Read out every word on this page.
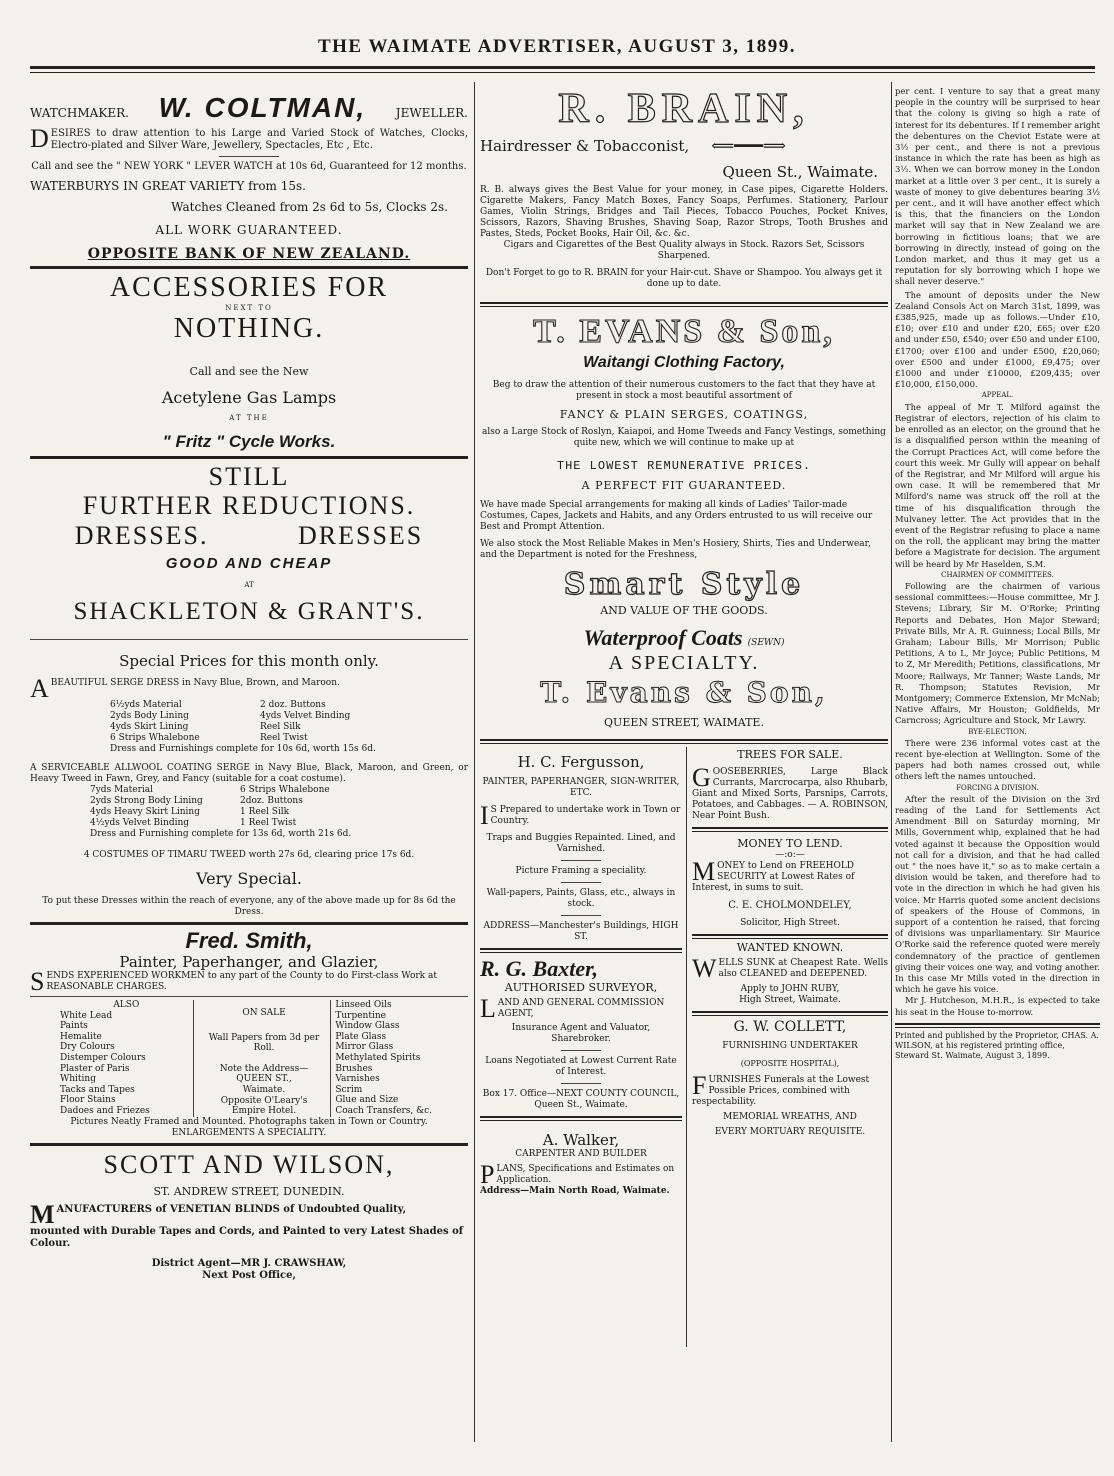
THE WAIMATE ADVERTISER, AUGUST 3, 1899.
WATCHMAKER. W. COLTMAN, JEWELLER.

DESIRES to draw attention to his Large and Varied Stock of Watches, Clocks, Electro-plated and Silver Ware, Jewellery, Spectacles, Etc , Etc.

Call and see the " NEW YORK " LEVER WATCH at 10s 6d, Guaranteed for 12 months.

WATERBURYS IN GREAT VARIETY from 15s.

Watches Cleaned from 2s 6d to 5s, Clocks 2s.

ALL WORK GUARANTEED.

OPPOSITE BANK OF NEW ZEALAND.

ACCESSORIES FOR

NEXT TO

NOTHING.

Call and see the New

Acetylene Gas Lamps

AT THE

" Fritz " Cycle Works.

STILL

FURTHER REDUCTIONS.

DRESSES.	DRESSES

GOOD AND CHEAP

AT

SHACKLETON & GRANT'S.

Special Prices for this month only.

ABEAUTIFUL SERGE DRESS in Navy Blue, Brown, and Maroon.

6½yds Material
2yds Body Lining
4yds Skirt Lining
6 Strips Whalebone
2 doz. Buttons
4yds Velvet Binding
Reel Silk
Reel Twist

Dress and Furnishings complete for 10s 6d, worth 15s 6d.

A SERVICEABLE ALLWOOL COATING SERGE in Navy Blue, Black, Maroon, and Green, or Heavy Tweed in Fawn, Grey, and Fancy (suitable for a coat costume).

7yds Material
2yds Strong Body Lining
4yds Heavy Skirt Lining
4½yds Velvet Binding
6 Strips Whalebone
2doz. Buttons
1 Reel Silk
1 Reel Twist

Dress and Furnishing complete for 13s 6d, worth 21s 6d.

4 COSTUMES OF TIMARU TWEED worth 27s 6d, clearing price 17s 6d.

Very Special.

To put these Dresses within the reach of everyone, any of the above made up for 8s 6d the Dress.

Fred. Smith,

Painter, Paperhanger, and Glazier,

SENDS EXPERIENCED WORKMEN to any part of the County to do First-class Work at REASONABLE CHARGES.

ALSO
White Lead
Paints
Hemalite
Dry Colours
Distemper Colours
Plaster of Paris
Whiting
Tacks and Tapes
Floor Stains
Dadoes and Friezes
ON SALE
Wall Papers from 3d per Roll.
Note the Address—
QUEEN ST.,
Waimate.
Opposite O'Leary's
Empire Hotel.
Linseed Oils
Turpentine
Window Glass
Plate Glass
Mirror Glass
Methylated Spirits
Brushes
Varnishes
Scrim
Glue and Size
Coach Transfers, &c.

Pictures Neatly Framed and Mounted. Photographs taken in Town or Country.

ENLARGEMENTS A SPECIALITY.

SCOTT AND WILSON,

ST. ANDREW STREET, DUNEDIN.

MANUFACTURERS of VENETIAN BLINDS of Undoubted Quality,

mounted with Durable Tapes and Cords, and Painted to very Latest Shades of Colour.

District Agent—MR J. CRAWSHAW,

Next Post Office,

R. BRAIN,

Hairdresser & Tobacconist, ⟸━━━⟹

Queen St., Waimate.

R. B. always gives the Best Value for your money, in Case pipes, Cigarette Holders. Cigarette Makers, Fancy Match Boxes, Fancy Soaps, Perfumes. Stationery, Parlour Games, Violin Strings, Bridges and Tail Pieces, Tobacco Pouches, Pocket Knives, Scissors, Razors, Shaving Brushes, Shaving Soap, Razor Strops, Tooth Brushes and Pastes, Steds, Pocket Books, Hair Oil, &c. &c.

Cigars and Cigarettes of the Best Quality always in Stock. Razors Set, Scissors Sharpened.

Don't Forget to go to R. BRAIN for your Hair-cut. Shave or Shampoo. You always get it done up to date.

T. EVANS & Son,

Waitangi Clothing Factory,

Beg to draw the attention of their numerous customers to the fact that they have at present in stock a most beautiful assortment of

FANCY & PLAIN SERGES, COATINGS,

also a Large Stock of Roslyn, Kaiapoi, and Home Tweeds and Fancy Vestings, something quite new, which we will continue to make up at

THE LOWEST REMUNERATIVE PRICES.

A PERFECT FIT GUARANTEED.

We have made Special arrangements for making all kinds of Ladies' Tailor-made Costumes, Capes, Jackets and Habits, and any Orders entrusted to us will receive our Best and Prompt Attention.

We also stock the Most Reliable Makes in Men's Hosiery, Shirts, Ties and Underwear, and the Department is noted for the Freshness,

Smart Style

AND VALUE OF THE GOODS.

Waterproof Coats (SEWN)

A SPECIALTY.

T. Evans & Son,

QUEEN STREET, WAIMATE.

H. C. Fergusson,

PAINTER, PAPERHANGER, SIGN-WRITER, ETC.

I S Prepared to undertake work in Town or Country.

Traps and Buggies Repainted. Lined, and Varnished.

Picture Framing a speciality.

Wall-papers, Paints, Glass, etc., always in stock.

ADDRESS—Manchester's Buildings, HIGH ST.

R. G. Baxter,

AUTHORISED SURVEYOR,

LAND AND GENERAL COMMISSION AGENT,

Insurance Agent and Valuator,

Sharebroker.

Loans Negotiated at Lowest Current Rate of Interest.

Box 17. Office—NEXT COUNTY COUNCIL, Queen St., Waimate.

A. Walker,

CARPENTER AND BUILDER

PLANS, Specifications and Estimates on Application.

Address—Main North Road, Waimate.

TREES FOR SALE.

GOOSEBERRIES, Large Black Currants, Marcrocarpa, also Rhubarb, Giant and Mixed Sorts, Parsnips, Carrots, Potatoes, and Cabbages. — A. ROBINSON, Near Point Bush.

MONEY TO LEND.

—:o:—

MONEY to Lend on FREEHOLD SECURITY at Lowest Rates of Interest, in sums to suit.

C. E. CHOLMONDELEY,

Solicitor, High Street.

WANTED KNOWN.

WELLS SUNK at Cheapest Rate. Wells also CLEANED and DEEPENED.

Apply to JOHN RUBY,

High Street, Waimate.

G. W. COLLETT,

FURNISHING UNDERTAKER

(OPPOSITE HOSPITAL),

FURNISHES Funerals at the Lowest Possible Prices, combined with respectability.

MEMORIAL WREATHS, AND

EVERY MORTUARY REQUISITE.

per cent. I venture to say that a great many people in the country will be surprised to hear that the colony is giving so high a rate of interest for its debentures. If I remember aright the debentures on the Cheviot Estate were at 3½ per cent., and there is not a previous instance in which the rate has been as high as 3½. When we can borrow money in the London market at a little over 3 per cent., it is surely a waste of money to give debentures bearing 3½ per cent., and it will have another effect which is this, that the financiers on the London market will say that in New Zealand we are borrowing in fictitious loans; that we are borrowing in directly, instead of going on the London market, and thus it may get us a reputation for sly borrowing which I hope we shall never deserve."

The amount of deposits under the New Zealand Consols Act on March 31st, 1899, was £385,925, made up as follows.—Under £10, £10; over £10 and under £20, £65; over £20 and under £50, £540; over £50 and under £100, £1700; over £100 and under £500, £20,060; over £500 and under £1000, £9,475; over £1000 and under £10000, £209,435; over £10,000, £150,000.

APPEAL.

The appeal of Mr T. Milford against the Registrar of electors, rejection of his claim to be enrolled as an elector, on the ground that he is a disqualified person within the meaning of the Corrupt Practices Act, will come before the court this week. Mr Gully will appear on behalf of the Registrar, and Mr Milford will argue his own case. It will be remembered that Mr Milford's name was struck off the roll at the time of his disqualification through the Mulvaney letter. The Act provides that in the event of the Registrar refusing to place a name on the roll, the applicant may bring the matter before a Magistrate for decision. The argument will be heard by Mr Haselden, S.M.

CHAIRMEN OF COMMITTEES.

Following are the chairmen of various sessional committees:—House committee, Mr J. Stevens; Library, Sir M. O'Rorke; Printing Reports and Debates, Hon Major Steward; Private Bills, Mr A. R. Guinness; Local Bills, Mr Graham; Labour Bills, Mr Morrison; Public Petitions, A to L, Mr Joyce; Public Petitions, M to Z, Mr Meredith; Petitions, classifications, Mr Moore; Railways, Mr Tanner; Waste Lands, Mr R. Thompson; Statutes Revision, Mr Montgomery; Commerce Extension, Mr McNab; Native Affairs, Mr Houston; Goldfields, Mr Carncross; Agriculture and Stock, Mr Lawry.

BYE-ELECTION.

There were 236 informal votes cast at the recent bye-election at Wellington. Some of the papers had both names crossed out, while others left the names untouched.

FORCING A DIVISION.

After the result of the Division on the 3rd reading of the Land for Settlements Act Amendment Bill on Saturday morning, Mr Mills, Government whip, explained that he had voted against it because the Opposition would not call for a division, and that he had called out " the noes have it," so as to make certain a division would be taken, and therefore had to vote in the direction in which he had given his voice. Mr Harris quoted some ancient decisions of speakers of the House of Commons, in support of a contention he raised, that forcing of divisions was unparliamentary. Sir Maurice O'Rorke said the reference quoted were merely condemnatory of the practice of gentlemen giving their voices one way, and voting another. In this case Mr Mills voted in the direction in which he gave his voice.

Mr J. Hutcheson, M.H.R., is expected to take his seat in the House to-morrow.

Printed and published by the Proprietor, CHAS. A. WILSON, at his registered printing office, Steward St. Waimate, August 3, 1899.
